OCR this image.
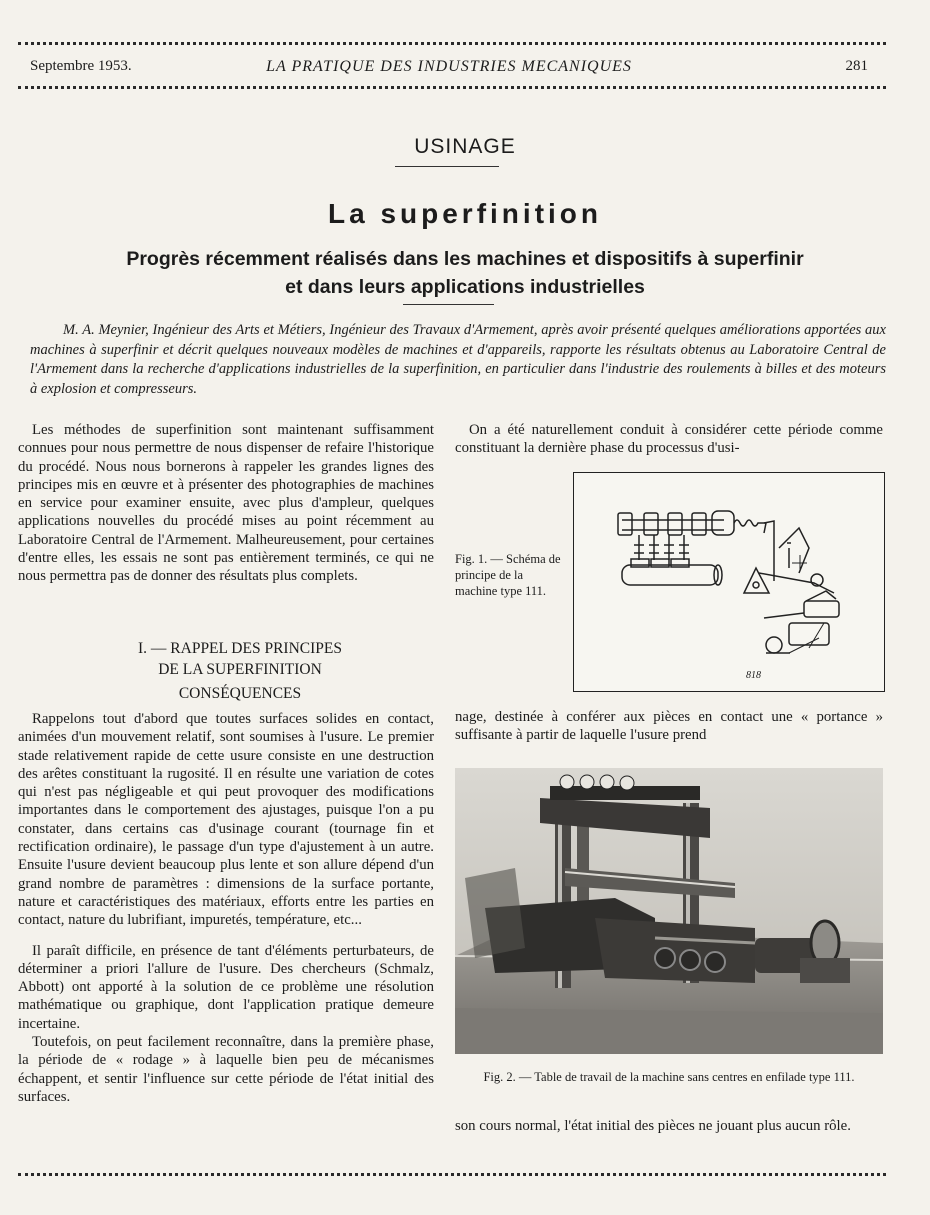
Septembre 1953.	LA PRATIQUE DES INDUSTRIES MECANIQUES	281
USINAGE
La superfinition
Progrès récemment réalisés dans les machines et dispositifs à superfinir
et dans leurs applications industrielles
M. A. Meynier, Ingénieur des Arts et Métiers, Ingénieur des Travaux d'Armement, après avoir présenté quelques améliorations apportées aux machines à superfinir et décrit quelques nouveaux modèles de machines et d'appareils, rapporte les résultats obtenus au Laboratoire Central de l'Armement dans la recherche d'applications industrielles de la superfinition, en particulier dans l'industrie des roulements à billes et des moteurs à explosion et compresseurs.

Les méthodes de superfinition sont maintenant suffisamment connues pour nous permettre de nous dispenser de refaire l'historique du procédé. Nous nous bornerons à rappeler les grandes lignes des principes mis en œuvre et à présenter des photographies de machines en service pour examiner ensuite, avec plus d'ampleur, quelques applications nouvelles du procédé mises au point récemment au Laboratoire Central de l'Armement. Malheureusement, pour certaines d'entre elles, les essais ne sont pas entièrement terminés, ce qui ne nous permettra pas de donner des résultats plus complets.

I. — RAPPEL DES PRINCIPES
DE LA SUPERFINITION
CONSÉQUENCES

Rappelons tout d'abord que toutes surfaces solides en contact, animées d'un mouvement relatif, sont soumises à l'usure. Le premier stade relativement rapide de cette usure consiste en une destruction des arêtes constituant la rugosité. Il en résulte une variation de cotes qui n'est pas négligeable et qui peut provoquer des modifications importantes dans le comportement des ajustages, puisque l'on a pu constater, dans certains cas d'usinage courant (tournage fin et rectification ordinaire), le passage d'un type d'ajustement à un autre. Ensuite l'usure devient beaucoup plus lente et son allure dépend d'un grand nombre de paramètres : dimensions de la surface portante, nature et caractéristiques des matériaux, efforts entre les parties en contact, nature du lubrifiant, impuretés, température, etc...

Il paraît difficile, en présence de tant d'éléments perturbateurs, de déterminer a priori l'allure de l'usure. Des chercheurs (Schmalz, Abbott) ont apporté à la solution de ce problème une résolution mathématique ou graphique, dont l'application pratique demeure incertaine.

Toutefois, on peut facilement reconnaître, dans la première phase, la période de « rodage » à laquelle bien peu de mécanismes échappent, et sentir l'influence sur cette période de l'état initial des surfaces.

On a été naturellement conduit à considérer cette période comme constituant la dernière phase du processus d'usi-

Fig. 1. — Schéma de principe de la machine type 111.
818

nage, destinée à conférer aux pièces en contact une « portance » suffisante à partir de laquelle l'usure prend

Fig. 2. — Table de travail de la machine sans centres en enfilade type 111.

son cours normal, l'état initial des pièces ne jouant plus aucun rôle.
